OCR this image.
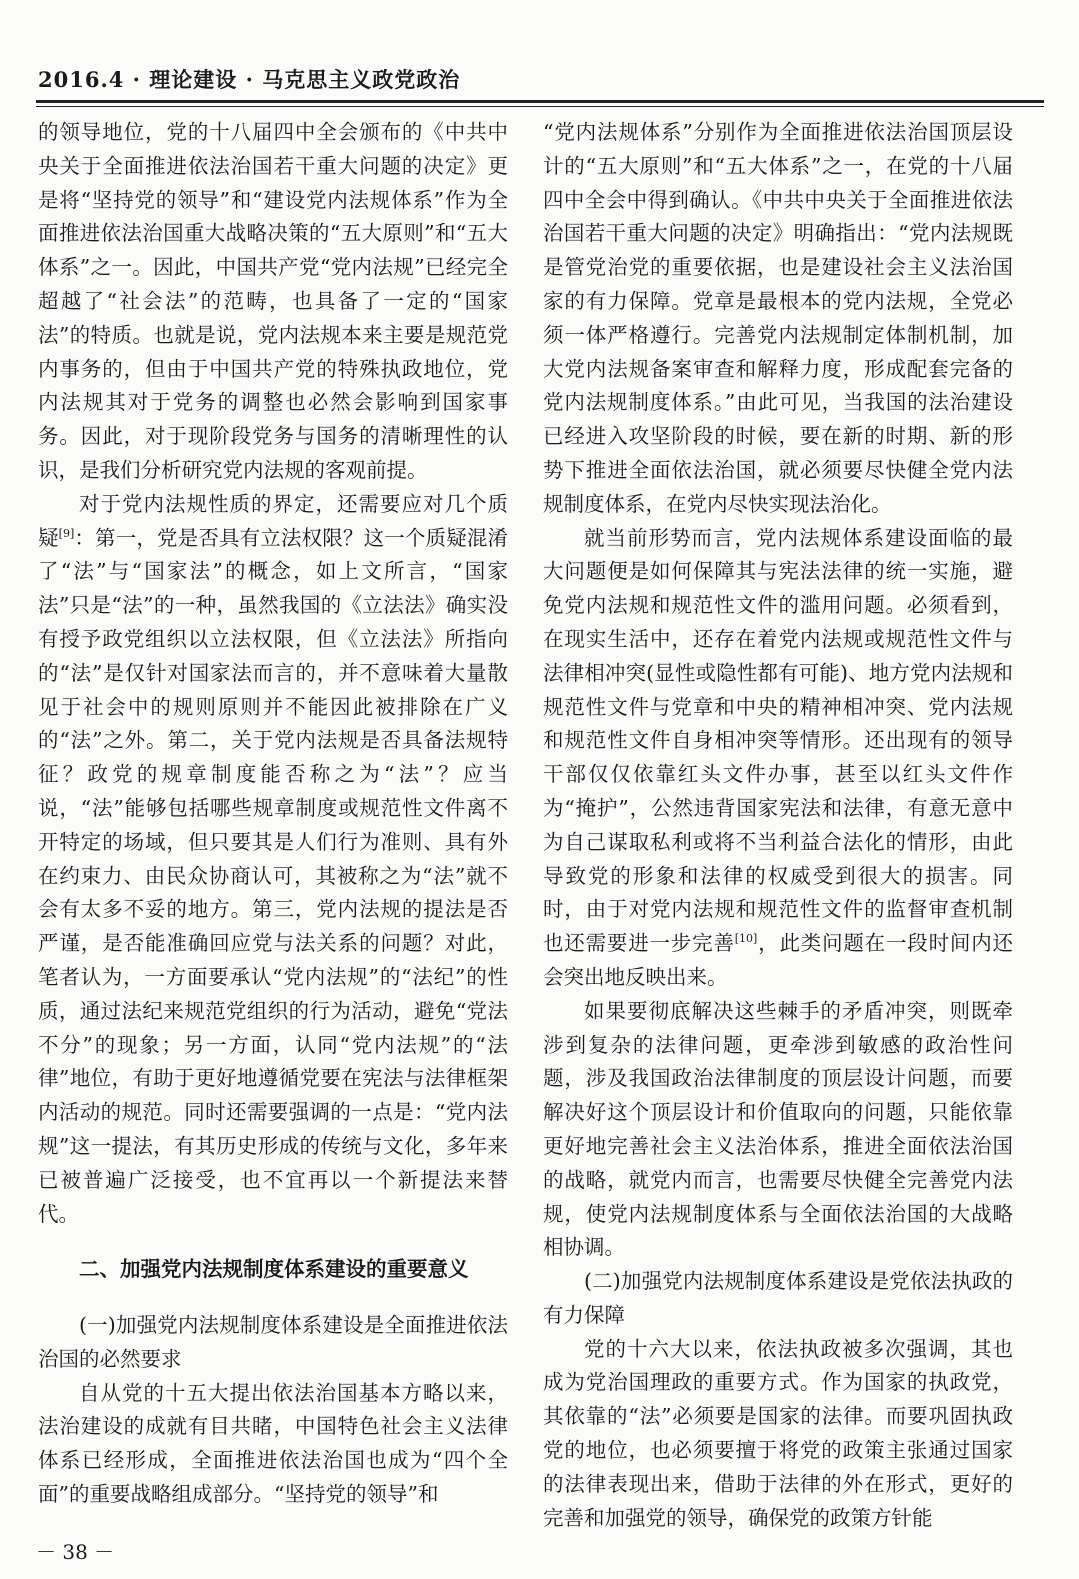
2016.4 · 理论建设 · 马克思主义政党政治

的领导地位，党的十八届四中全会颁布的《中共中央关于全面推进依法治国若干重大问题的决定》更是将“坚持党的领导”和“建设党内法规体系”作为全面推进依法治国重大战略决策的“五大原则”和“五大体系”之一。因此，中国共产党“党内法规”已经完全超越了“社会法”的范畴，也具备了一定的“国家法”的特质。也就是说，党内法规本来主要是规范党内事务的，但由于中国共产党的特殊执政地位，党内法规其对于党务的调整也必然会影响到国家事务。因此，对于现阶段党务与国务的清晰理性的认识，是我们分析研究党内法规的客观前提。

对于党内法规性质的界定，还需要应对几个质疑[9]：第一，党是否具有立法权限？这一个质疑混淆了“法”与“国家法”的概念，如上文所言，“国家法”只是“法”的一种，虽然我国的《立法法》确实没有授予政党组织以立法权限，但《立法法》所指向的“法”是仅针对国家法而言的，并不意味着大量散见于社会中的规则原则并不能因此被排除在广义的“法”之外。第二，关于党内法规是否具备法规特征？政党的规章制度能否称之为“法”？应当说，“法”能够包括哪些规章制度或规范性文件离不开特定的场域，但只要其是人们行为准则、具有外在约束力、由民众协商认可，其被称之为“法”就不会有太多不妥的地方。第三，党内法规的提法是否严谨，是否能准确回应党与法关系的问题？对此，笔者认为，一方面要承认“党内法规”的“法纪”的性质，通过法纪来规范党组织的行为活动，避免“党法不分”的现象；另一方面，认同“党内法规”的“法律”地位，有助于更好地遵循党要在宪法与法律框架内活动的规范。同时还需要强调的一点是：“党内法规”这一提法，有其历史形成的传统与文化，多年来已被普遍广泛接受，也不宜再以一个新提法来替代。

二、加强党内法规制度体系建设的重要意义
(一)加强党内法规制度体系建设是全面推进依法治国的必然要求

自从党的十五大提出依法治国基本方略以来，法治建设的成就有目共睹，中国特色社会主义法律体系已经形成，全面推进依法治国也成为“四个全面”的重要战略组成部分。“坚持党的领导”和

“党内法规体系”分别作为全面推进依法治国顶层设计的“五大原则”和“五大体系”之一，在党的十八届四中全会中得到确认。《中共中央关于全面推进依法治国若干重大问题的决定》明确指出：“党内法规既是管党治党的重要依据，也是建设社会主义法治国家的有力保障。党章是最根本的党内法规，全党必须一体严格遵行。完善党内法规制定体制机制，加大党内法规备案审查和解释力度，形成配套完备的党内法规制度体系。”由此可见，当我国的法治建设已经进入攻坚阶段的时候，要在新的时期、新的形势下推进全面依法治国，就必须要尽快健全党内法规制度体系，在党内尽快实现法治化。

就当前形势而言，党内法规体系建设面临的最大问题便是如何保障其与宪法法律的统一实施，避免党内法规和规范性文件的滥用问题。必须看到，在现实生活中，还存在着党内法规或规范性文件与法律相冲突(显性或隐性都有可能)、地方党内法规和规范性文件与党章和中央的精神相冲突、党内法规和规范性文件自身相冲突等情形。还出现有的领导干部仅仅依靠红头文件办事，甚至以红头文件作为“掩护”，公然违背国家宪法和法律，有意无意中为自己谋取私利或将不当利益合法化的情形，由此导致党的形象和法律的权威受到很大的损害。同时，由于对党内法规和规范性文件的监督审查机制也还需要进一步完善[10]，此类问题在一段时间内还会突出地反映出来。

如果要彻底解决这些棘手的矛盾冲突，则既牵涉到复杂的法律问题，更牵涉到敏感的政治性问题，涉及我国政治法律制度的顶层设计问题，而要解决好这个顶层设计和价值取向的问题，只能依靠更好地完善社会主义法治体系，推进全面依法治国的战略，就党内而言，也需要尽快健全完善党内法规，使党内法规制度体系与全面依法治国的大战略相协调。

(二)加强党内法规制度体系建设是党依法执政的有力保障

党的十六大以来，依法执政被多次强调，其也成为党治国理政的重要方式。作为国家的执政党，其依靠的“法”必须要是国家的法律。而要巩固执政党的地位，也必须要擅于将党的政策主张通过国家的法律表现出来，借助于法律的外在形式，更好的完善和加强党的领导，确保党的政策方针能

－ 38 －
